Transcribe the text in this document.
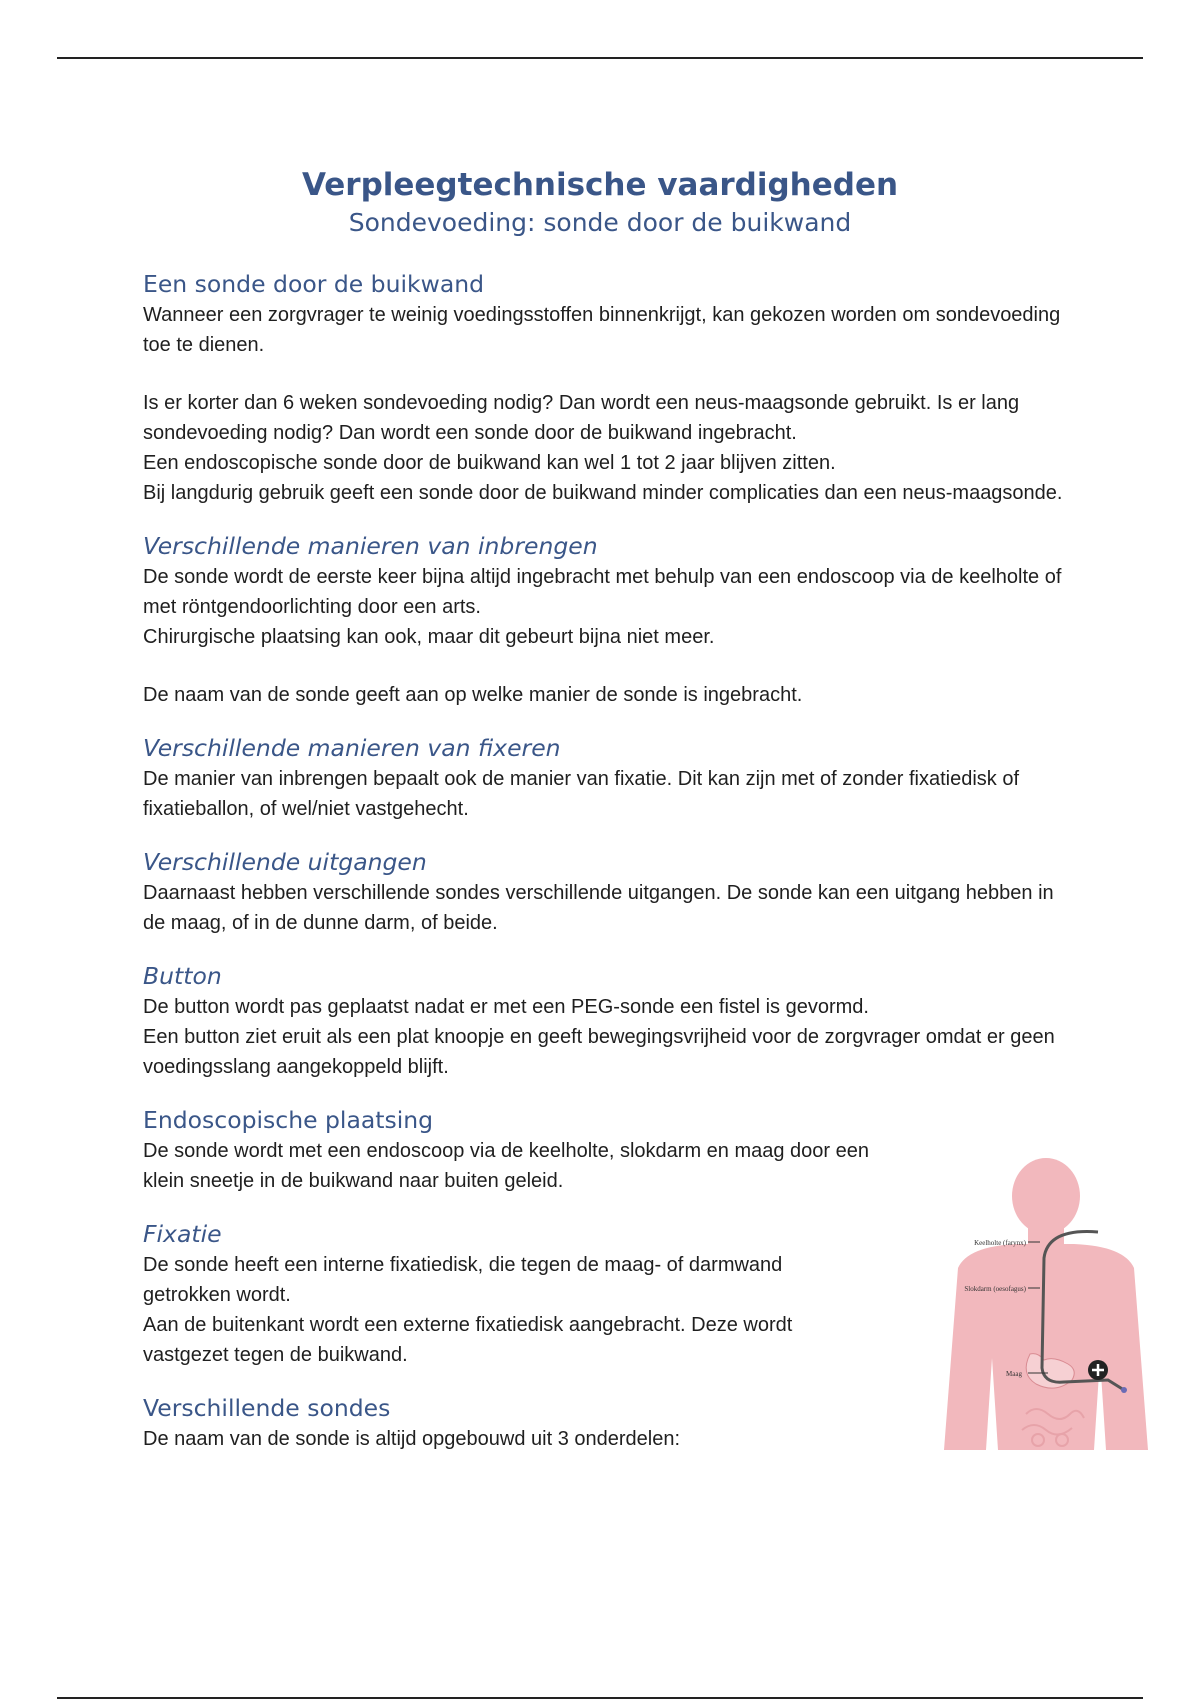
Verpleegtechnische vaardigheden
Sondevoeding: sonde door de buikwand
Een sonde door de buikwand

Wanneer een zorgvrager te weinig voedingsstoffen binnenkrijgt, kan gekozen worden om sondevoeding toe te dienen.

Is er korter dan 6 weken sondevoeding nodig? Dan wordt een neus-maagsonde gebruikt. Is er lang sondevoeding nodig? Dan wordt een sonde door de buikwand ingebracht.

Een endoscopische sonde door de buikwand kan wel 1 tot 2 jaar blijven zitten.

Bij langdurig gebruik geeft een sonde door de buikwand minder complicaties dan een neus-maagsonde.

Verschillende manieren van inbrengen

De sonde wordt de eerste keer bijna altijd ingebracht met behulp van een endoscoop via de keelholte of met röntgendoorlichting door een arts.

Chirurgische plaatsing kan ook, maar dit gebeurt bijna niet meer.

De naam van de sonde geeft aan op welke manier de sonde is ingebracht.

Verschillende manieren van fixeren

De manier van inbrengen bepaalt ook de manier van fixatie. Dit kan zijn met of zonder fixatiedisk of fixatieballon, of wel/niet vastgehecht.

Verschillende uitgangen

Daarnaast hebben verschillende sondes verschillende uitgangen. De sonde kan een uitgang hebben in de maag, of in de dunne darm, of beide.

Button

De button wordt pas geplaatst nadat er met een PEG-sonde een fistel is gevormd.

Een button ziet eruit als een plat knoopje en geeft bewegingsvrijheid voor de zorgvrager omdat er geen voedingsslang aangekoppeld blijft.

Endoscopische plaatsing

De sonde wordt met een endoscoop via de keelholte, slokdarm en maag door een klein sneetje in de buikwand naar buiten geleid.

Fixatie

De sonde heeft een interne fixatiedisk, die tegen de maag- of darmwand getrokken wordt.

Aan de buitenkant wordt een externe fixatiedisk aangebracht. Deze wordt vastgezet tegen de buikwand.

Verschillende sondes

De naam van de sonde is altijd opgebouwd uit 3 onderdelen:

Keelholte (farynx)
Slokdarm (oesofagus)
Maag
